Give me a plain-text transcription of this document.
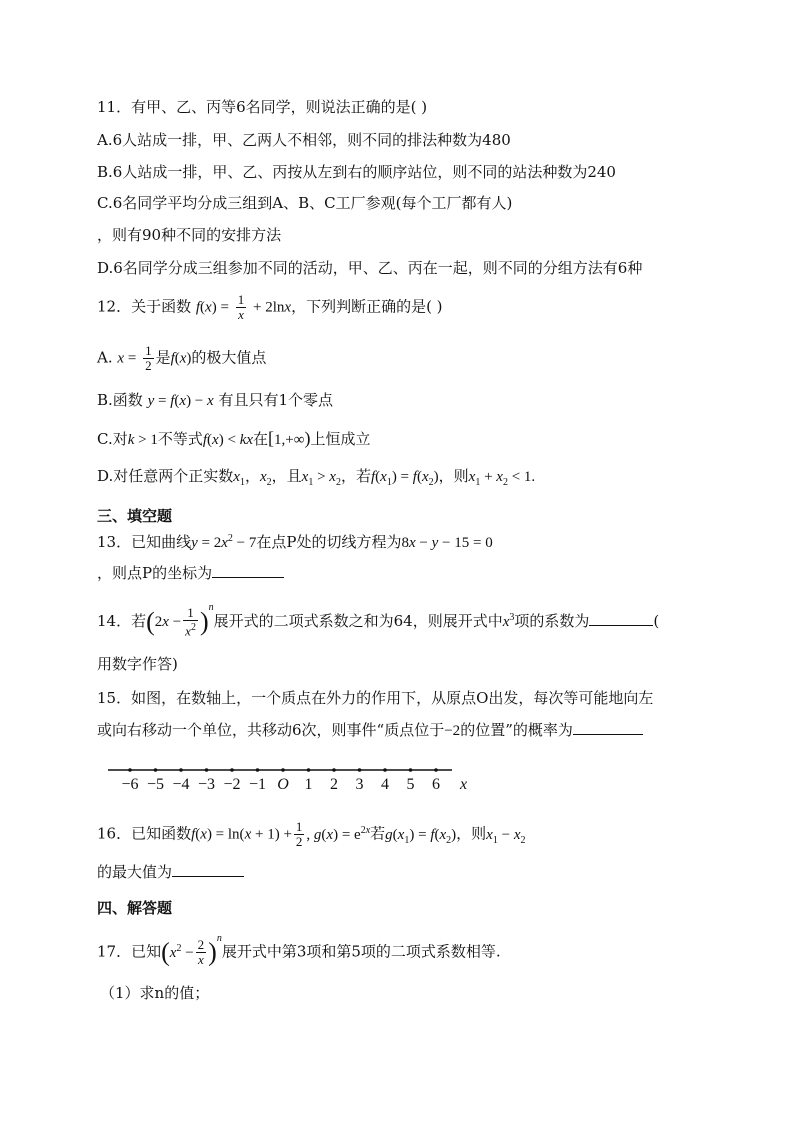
11．有甲、乙、丙等6名同学，则说法正确的是( )
A.6人站成一排，甲、乙两人不相邻，则不同的排法种数为480
B.6人站成一排，甲、乙、丙按从左到右的顺序站位，则不同的站法种数为240
C.6名同学平均分成三组到A、B、C工厂参观(每个工厂都有人)
，则有90种不同的安排方法
D.6名同学分成三组参加不同的活动，甲、乙、丙在一起，则不同的分组方法有6种
12．关于函数 $f(x) = \frac{1}{x} + 2\ln x$，下列判断正确的是( )
A. $x = \frac{1}{2}$ 是f(x)的极大值点
B.函数 y = f(x) − x 有且只有1个零点
C.对k > 1不等式f(x) < kx在[1,+∞)上恒成立
D.对任意两个正实数$x_1$，$x_2$，且$x_1 > x_2$，若$f(x_1) = f(x_2)$，则$x_1 + x_2 < 1$.
三、填空题
13．已知曲线$y = 2x^2 - 7$在点P处的切线方程为8x − y − 15 = 0
，则点P的坐标为
14．若$(2x - \frac{1}{x^2} )^n$展开式的二项式系数之和为64，则展开式中$x^3$项的系数为	(
用数字作答)
15．如图，在数轴上，一个质点在外力的作用下，从原点O出发，每次等可能地向左
或向右移动一个单位，共移动6次，则事件“质点位于−2的位置”的概率为
−6 −5 −4 −3 −2 −1 O 1 2 3 4 5 6 x
16．已知函数$f(x) = \ln(x + 1) + \frac{1}{2}$ , $g(x) = e^{2x}$若$g(x_1) = f(x_2)$，则$x_1 - x_2$
的最大值为
四、解答题
17．已知$(x^2 - \frac{2}{x} )^n$展开式中第3项和第5项的二项式系数相等.
（1）求n的值；
